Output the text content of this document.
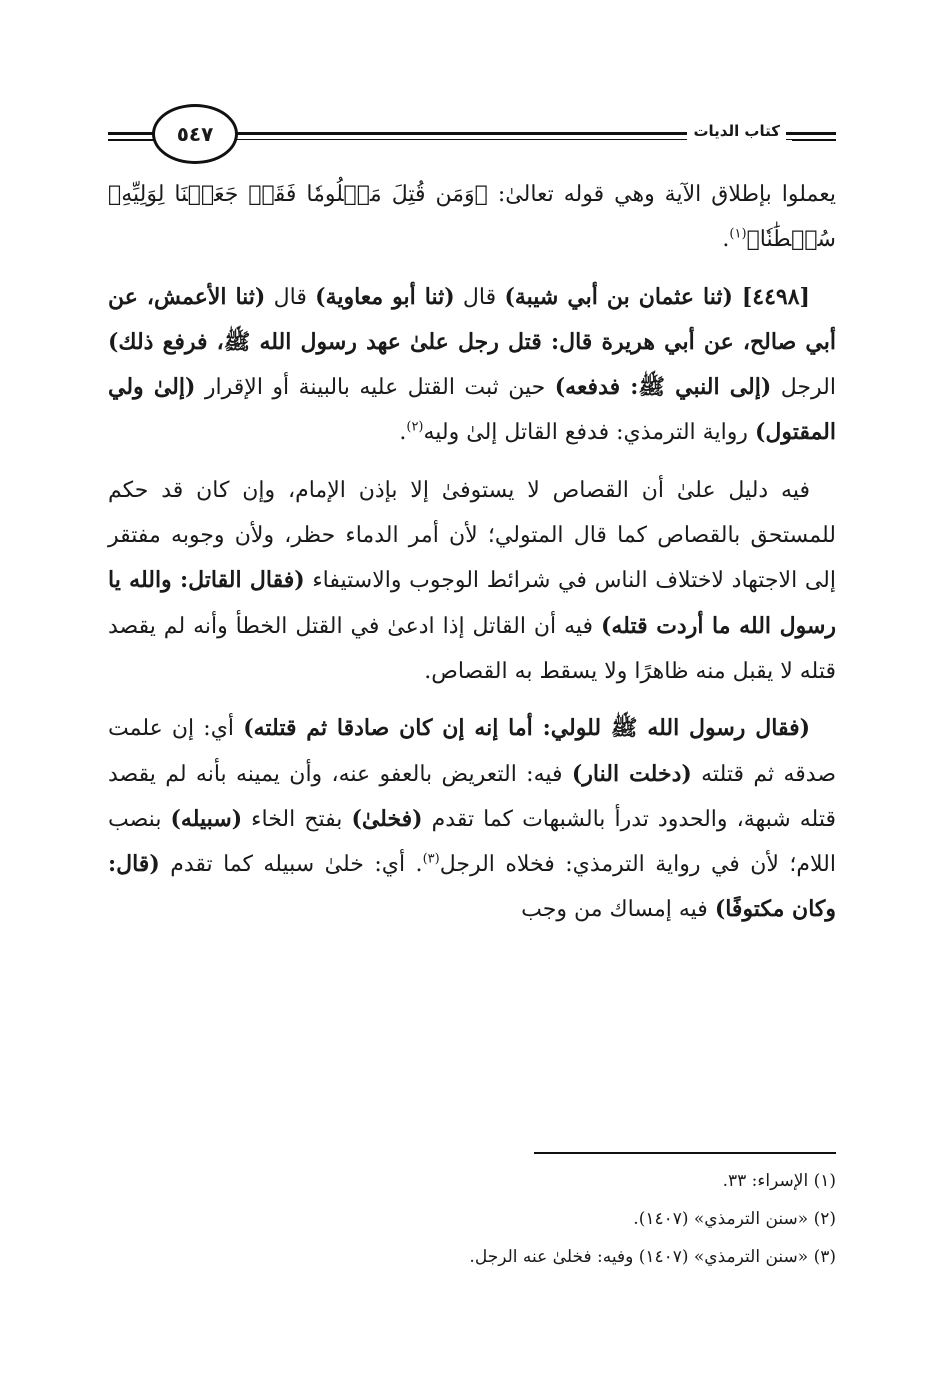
٥٤٧	كتاب الديات

يعملوا بإطلاق الآية وهي قوله تعالىٰ: ﴿وَمَن قُتِلَ مَظۡلُومٗا فَقَدۡ جَعَلۡنَا لِوَلِيِّهِۦ سُلۡطَٰنٗا﴾$^{(١)}$.

[٤٤٩٨] (ثنا عثمان بن أبي شيبة) قال (ثنا أبو معاوية) قال (ثنا الأعمش، عن أبي صالح، عن أبي هريرة قال: قتل رجل علىٰ عهد رسول الله ﷺ، فرفع ذلك) الرجل (إلى النبي ﷺ: فدفعه) حين ثبت القتل عليه بالبينة أو الإقرار (إلىٰ ولي المقتول) رواية الترمذي: فدفع القاتل إلىٰ وليه$^{(٢)}$.

فيه دليل علىٰ أن القصاص لا يستوفىٰ إلا بإذن الإمام، وإن كان قد حكم للمستحق بالقصاص كما قال المتولي؛ لأن أمر الدماء حظر، ولأن وجوبه مفتقر إلى الاجتهاد لاختلاف الناس في شرائط الوجوب والاستيفاء (فقال القاتل: والله يا رسول الله ما أردت قتله) فيه أن القاتل إذا ادعىٰ في القتل الخطأ وأنه لم يقصد قتله لا يقبل منه ظاهرًا ولا يسقط به القصاص.

(فقال رسول الله ﷺ للولي: أما إنه إن كان صادقا ثم قتلته) أي: إن علمت صدقه ثم قتلته (دخلت النار) فيه: التعريض بالعفو عنه، وأن يمينه بأنه لم يقصد قتله شبهة، والحدود تدرأ بالشبهات كما تقدم (فخلىٰ) بفتح الخاء (سبيله) بنصب اللام؛ لأن في رواية الترمذي: فخلاه الرجل$^{(٣)}$. أي: خلىٰ سبيله كما تقدم (قال: وكان مكتوفًا) فيه إمساك من وجب

(١) الإسراء: ٣٣.

(٢) «سنن الترمذي» (١٤٠٧).

(٣) «سنن الترمذي» (١٤٠٧) وفيه: فخلىٰ عنه الرجل.
